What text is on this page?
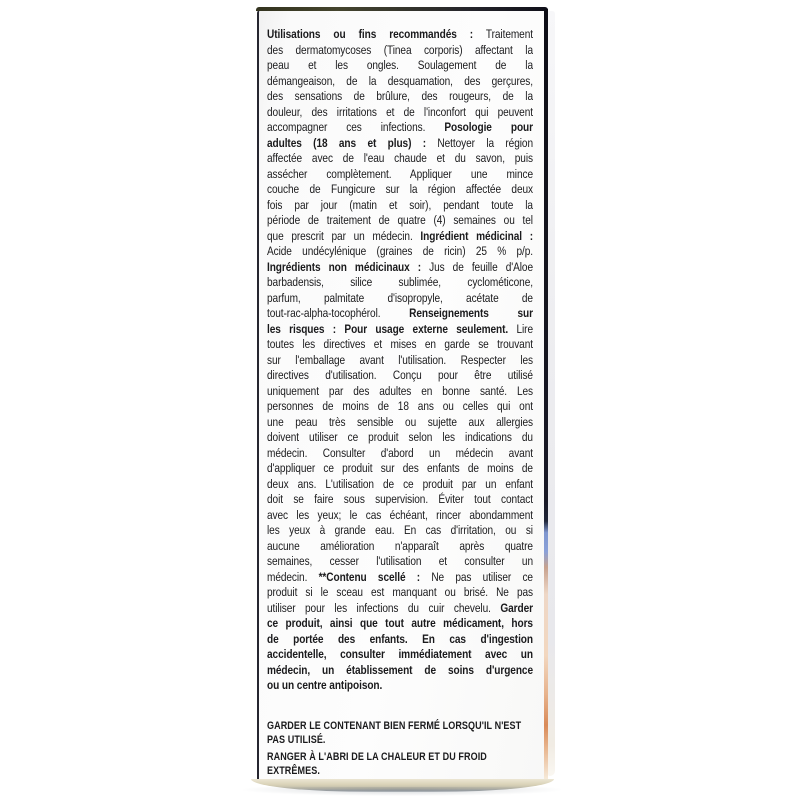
Utilisations ou fins recommandés : Traitement
des dermatomycoses (Tinea corporis) affectant la
peau et les ongles. Soulagement de la
démangeaison, de la desquamation, des gerçures,
des sensations de brûlure, des rougeurs, de la
douleur, des irritations et de l'inconfort qui peuvent
accompagner ces infections. Posologie pour
adultes (18 ans et plus) : Nettoyer la région
affectée avec de l'eau chaude et du savon, puis
assécher complètement. Appliquer une mince
couche de Fungicure sur la région affectée deux
fois par jour (matin et soir), pendant toute la
période de traitement de quatre (4) semaines ou tel
que prescrit par un médecin. Ingrédient médicinal :
Acide undécylénique (graines de ricin) 25 % p/p.
Ingrédients non médicinaux : Jus de feuille d'Aloe
barbadensis, silice sublimée, cyclométicone,
parfum, palmitate d'isopropyle, acétate de
tout-rac-alpha-tocophérol. Renseignements sur
les risques : Pour usage externe seulement. Lire
toutes les directives et mises en garde se trouvant
sur l'emballage avant l'utilisation. Respecter les
directives d'utilisation. Conçu pour être utilisé
uniquement par des adultes en bonne santé. Les
personnes de moins de 18 ans ou celles qui ont
une peau très sensible ou sujette aux allergies
doivent utiliser ce produit selon les indications du
médecin. Consulter d'abord un médecin avant
d'appliquer ce produit sur des enfants de moins de
deux ans. L'utilisation de ce produit par un enfant
doit se faire sous supervision. Éviter tout contact
avec les yeux; le cas échéant, rincer abondamment
les yeux à grande eau. En cas d'irritation, ou si
aucune amélioration n'apparaît après quatre
semaines, cesser l'utilisation et consulter un
médecin. **Contenu scellé : Ne pas utiliser ce
produit si le sceau est manquant ou brisé. Ne pas
utiliser pour les infections du cuir chevelu. Garder
ce produit, ainsi que tout autre médicament, hors
de portée des enfants. En cas d'ingestion
accidentelle, consulter immédiatement avec un
médecin, un établissement de soins d'urgence
ou un centre antipoison.
GARDER LE CONTENANT BIEN FERMÉ LORSQU'IL N'EST
PAS UTILISÉ.
RANGER À L'ABRI DE LA CHALEUR ET DU FROID
EXTRÊMES.
